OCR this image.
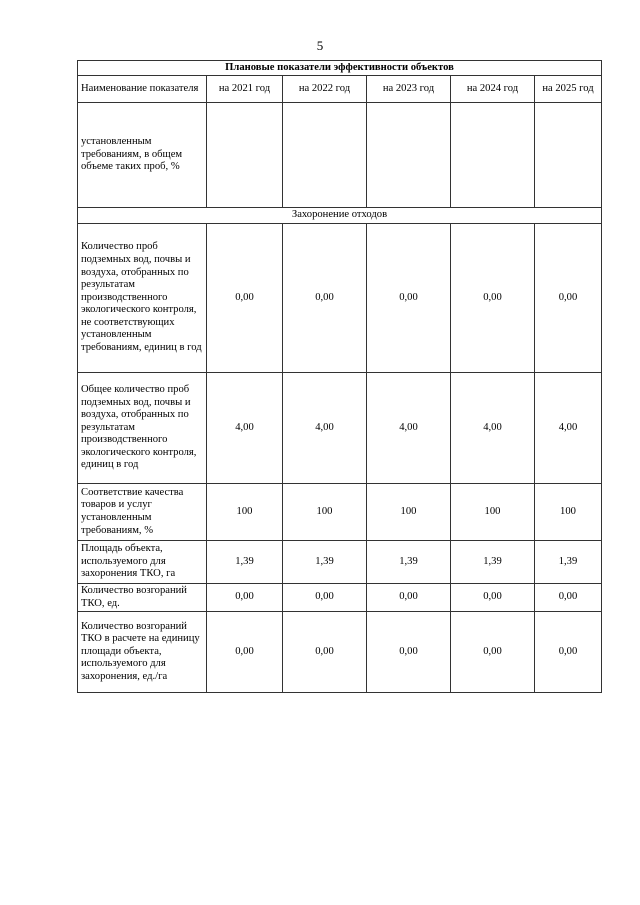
5
Плановые показатели эффективности объектов					
Наименование показателя	на 2021 год	на 2022 год	на 2023 год	на 2024 год	на 2025 год
установленным требованиям, в общем объеме таких проб, %					
Захоронение отходов					
Количество проб подземных вод, почвы и воздуха, отобранных по результатам производственного экологического контроля, не соответствующих установленным требованиям, единиц в год	0,00	0,00	0,00	0,00	0,00
Общее количество проб подземных вод, почвы и воздуха, отобранных по результатам производственного экологического контроля, единиц в год	4,00	4,00	4,00	4,00	4,00
Соответствие качества товаров и услуг установленным требованиям, %	100	100	100	100	100
Площадь объекта, используемого для захоронения ТКО, га	1,39	1,39	1,39	1,39	1,39
Количество возгораний ТКО, ед.	0,00	0,00	0,00	0,00	0,00
Количество возгораний ТКО в расчете на единицу площади объекта, используемого для захоронения, ед./га	0,00	0,00	0,00	0,00	0,00
